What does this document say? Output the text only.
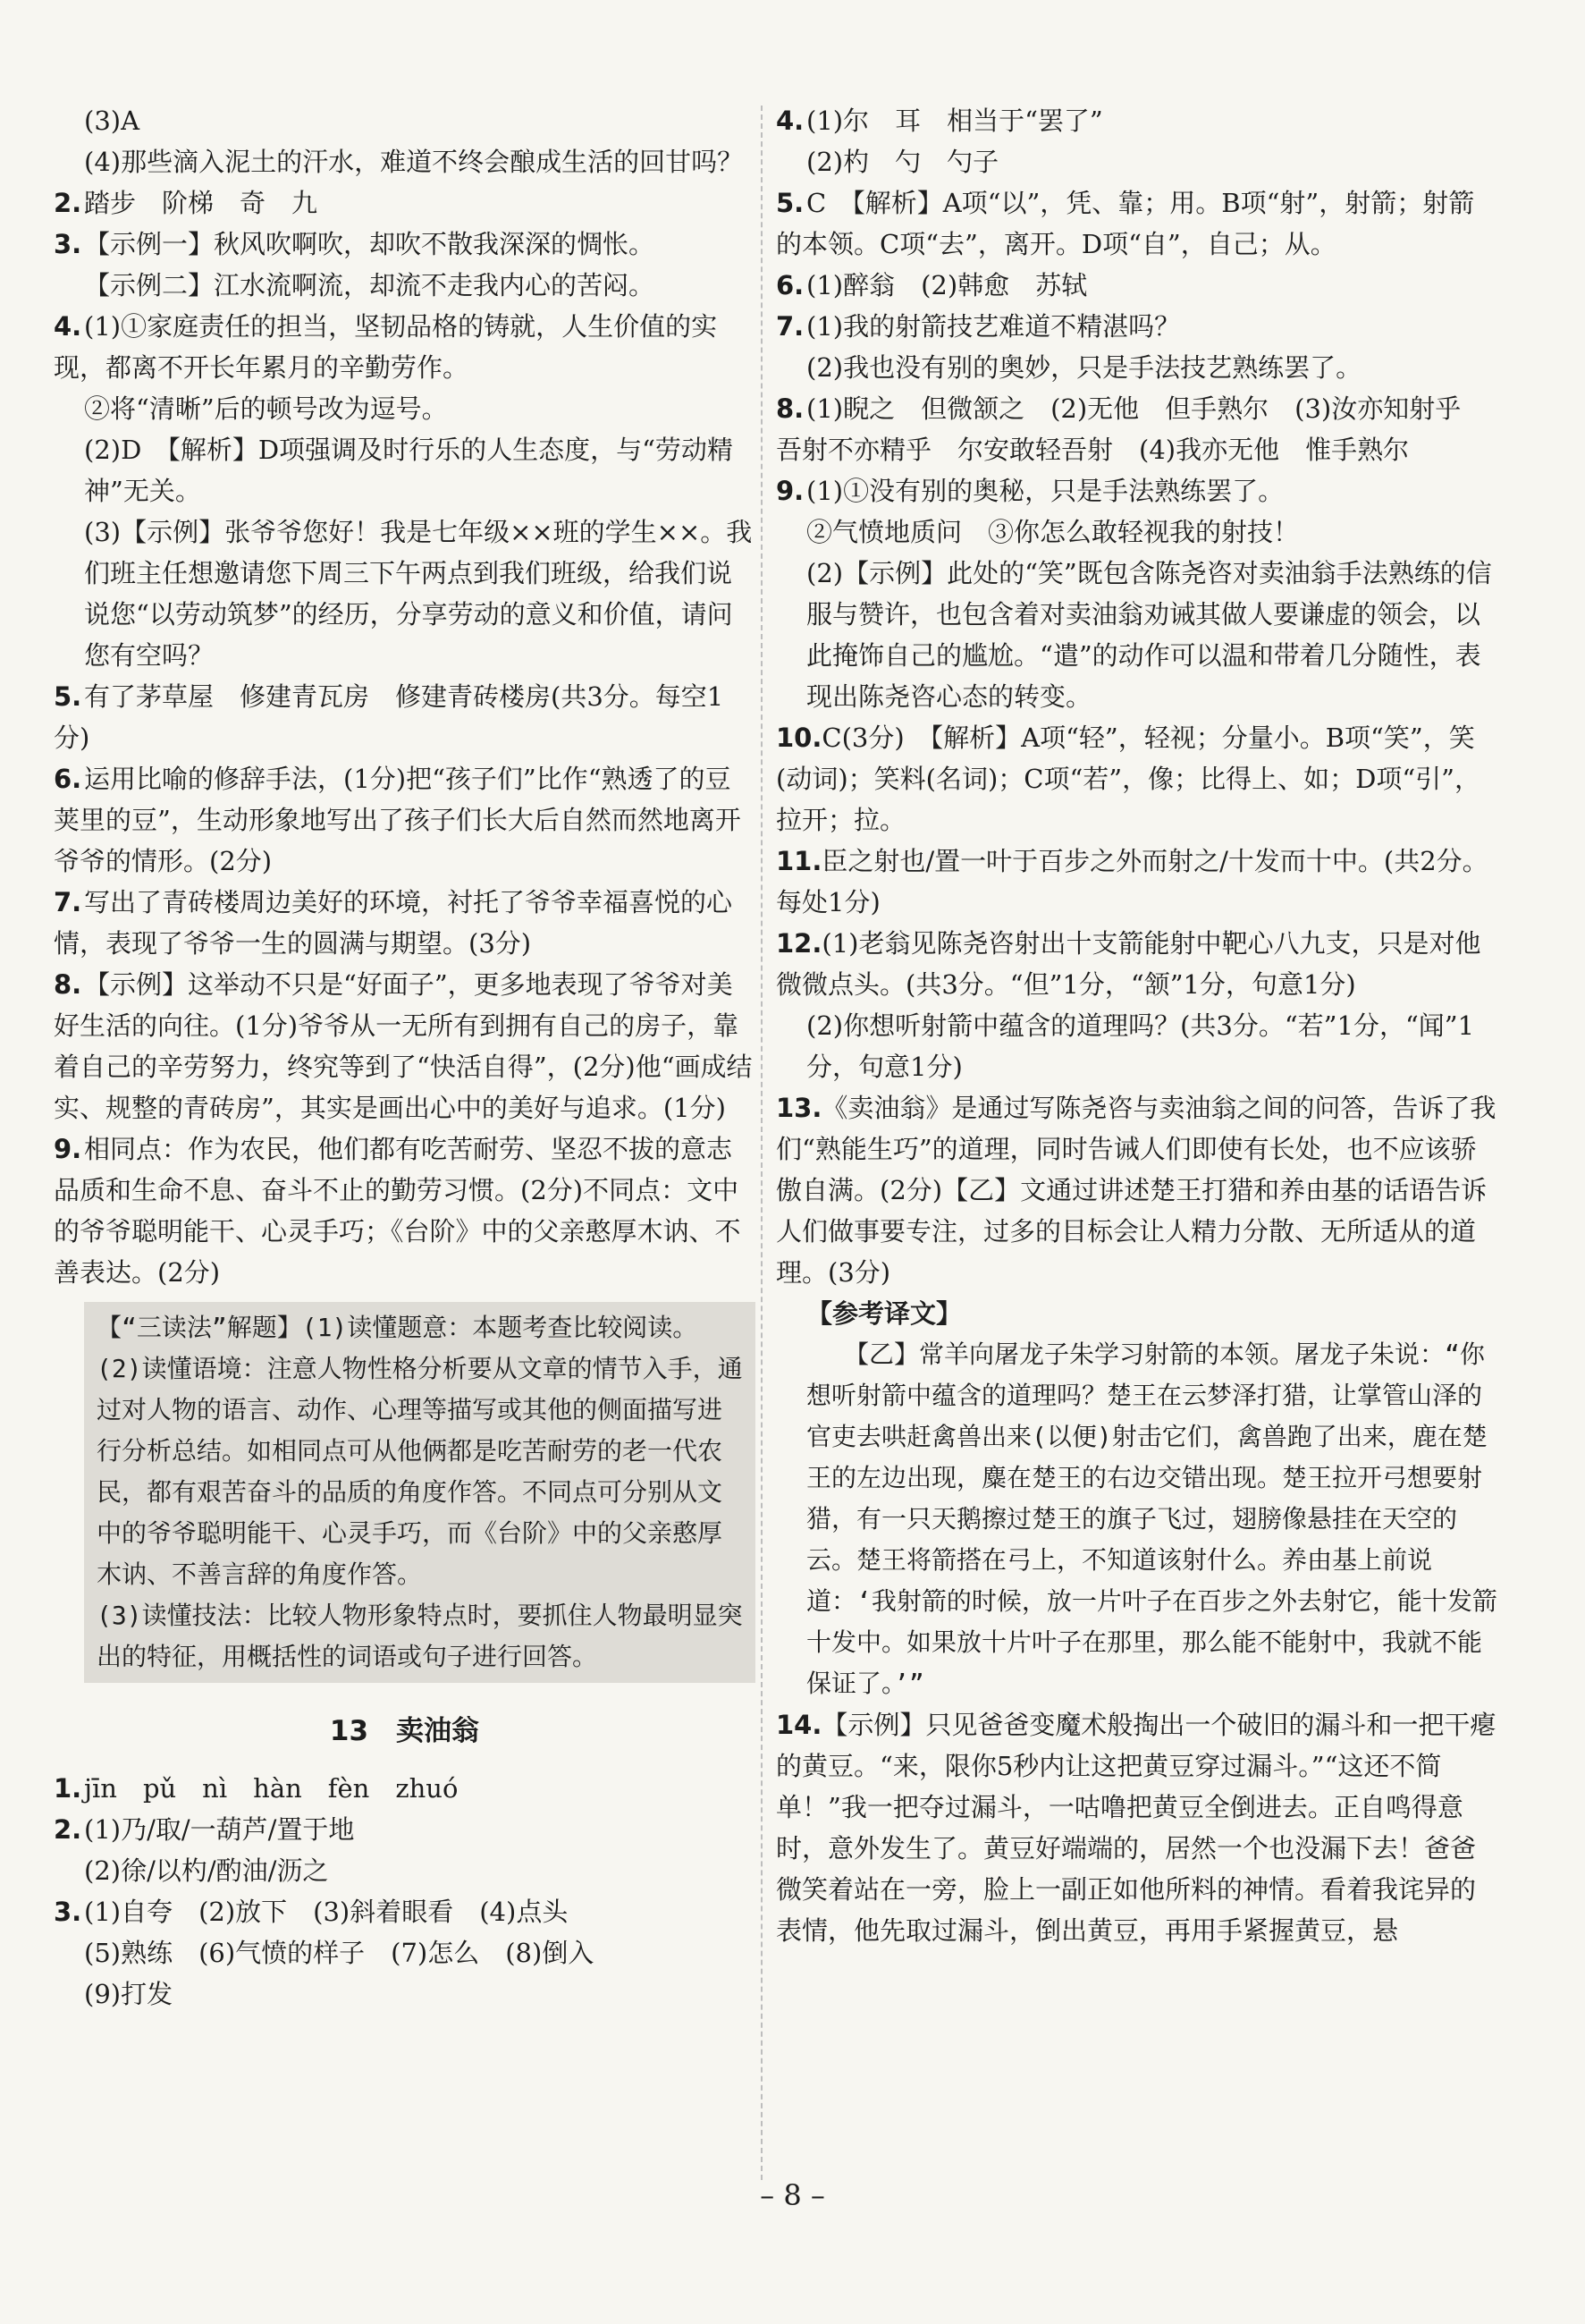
(3)A

(4)那些滴入泥土的汗水，难道不终会酿成生活的回甘吗？

2.踏步　阶梯　奇　九

3.【示例一】秋风吹啊吹，却吹不散我深深的惆怅。

【示例二】江水流啊流，却流不走我内心的苦闷。

4.(1)①家庭责任的担当，坚韧品格的铸就，人生价值的实现，都离不开长年累月的辛勤劳作。

②将“清晰”后的顿号改为逗号。

(2)D　【解析】D项强调及时行乐的人生态度，与“劳动精神”无关。

(3)【示例】张爷爷您好！我是七年级××班的学生××。我们班主任想邀请您下周三下午两点到我们班级，给我们说说您“以劳动筑梦”的经历，分享劳动的意义和价值，请问您有空吗？

5.有了茅草屋　修建青瓦房　修建青砖楼房(共3分。每空1分)

6.运用比喻的修辞手法，(1分)把“孩子们”比作“熟透了的豆荚里的豆”，生动形象地写出了孩子们长大后自然而然地离开爷爷的情形。(2分)

7.写出了青砖楼周边美好的环境，衬托了爷爷幸福喜悦的心情，表现了爷爷一生的圆满与期望。(3分)

8.【示例】这举动不只是“好面子”，更多地表现了爷爷对美好生活的向往。(1分)爷爷从一无所有到拥有自己的房子，靠着自己的辛劳努力，终究等到了“快活自得”，(2分)他“画成结实、规整的青砖房”，其实是画出心中的美好与追求。(1分)

9.相同点：作为农民，他们都有吃苦耐劳、坚忍不拔的意志品质和生命不息、奋斗不止的勤劳习惯。(2分)不同点：文中的爷爷聪明能干、心灵手巧；《台阶》中的父亲憨厚木讷、不善表达。(2分)

【“三读法”解题】(1)读懂题意：本题考查比较阅读。

(2)读懂语境：注意人物性格分析要从文章的情节入手，通过对人物的语言、动作、心理等描写或其他的侧面描写进行分析总结。如相同点可从他俩都是吃苦耐劳的老一代农民，都有艰苦奋斗的品质的角度作答。不同点可分别从文中的爷爷聪明能干、心灵手巧，而《台阶》中的父亲憨厚木讷、不善言辞的角度作答。

(3)读懂技法：比较人物形象特点时，要抓住人物最明显突出的特征，用概括性的词语或句子进行回答。

13　卖油翁

1.jīn　pǔ　nì　hàn　fèn　zhuó

2.(1)乃/取/一葫芦/置于地

(2)徐/以杓/酌油/沥之

3.(1)自夸　(2)放下　(3)斜着眼看　(4)点头

(5)熟练　(6)气愤的样子　(7)怎么　(8)倒入

(9)打发

4.(1)尔　耳　相当于“罢了”

(2)杓　勺　勺子

5.C　【解析】A项“以”，凭、靠；用。B项“射”，射箭；射箭的本领。C项“去”，离开。D项“自”，自己；从。

6.(1)醉翁　(2)韩愈　苏轼

7.(1)我的射箭技艺难道不精湛吗？

(2)我也没有别的奥妙，只是手法技艺熟练罢了。

8.(1)睨之　但微颔之　(2)无他　但手熟尔　(3)汝亦知射乎　吾射不亦精乎　尔安敢轻吾射　(4)我亦无他　惟手熟尔

9.(1)①没有别的奥秘，只是手法熟练罢了。

②气愤地质问　③你怎么敢轻视我的射技！

(2)【示例】此处的“笑”既包含陈尧咨对卖油翁手法熟练的信服与赞许，也包含着对卖油翁劝诫其做人要谦虚的领会，以此掩饰自己的尴尬。“遣”的动作可以温和带着几分随性，表现出陈尧咨心态的转变。

10.C(3分)　【解析】A项“轻”，轻视；分量小。B项“笑”，笑(动词)；笑料(名词)；C项“若”，像；比得上、如；D项“引”，拉开；拉。

11.臣之射也/置一叶于百步之外而射之/十发而十中。(共2分。每处1分)

12.(1)老翁见陈尧咨射出十支箭能射中靶心八九支，只是对他微微点头。(共3分。“但”1分，“颔”1分，句意1分)

(2)你想听射箭中蕴含的道理吗？(共3分。“若”1分，“闻”1分，句意1分)

13.《卖油翁》是通过写陈尧咨与卖油翁之间的问答，告诉了我们“熟能生巧”的道理，同时告诫人们即使有长处，也不应该骄傲自满。(2分)【乙】文通过讲述楚王打猎和养由基的话语告诉人们做事要专注，过多的目标会让人精力分散、无所适从的道理。(3分)

【参考译文】

　　【乙】常羊向屠龙子朱学习射箭的本领。屠龙子朱说：“你想听射箭中蕴含的道理吗？楚王在云梦泽打猎，让掌管山泽的官吏去哄赶禽兽出来(以便)射击它们，禽兽跑了出来，鹿在楚王的左边出现，麋在楚王的右边交错出现。楚王拉开弓想要射猎，有一只天鹅擦过楚王的旗子飞过，翅膀像悬挂在天空的云。楚王将箭搭在弓上，不知道该射什么。养由基上前说道：‘我射箭的时候，放一片叶子在百步之外去射它，能十发箭十发中。如果放十片叶子在那里，那么能不能射中，我就不能保证了。’”

14.【示例】只见爸爸变魔术般掏出一个破旧的漏斗和一把干瘪的黄豆。“来，限你5秒内让这把黄豆穿过漏斗。”“这还不简单！”我一把夺过漏斗，一咕噜把黄豆全倒进去。正自鸣得意时，意外发生了。黄豆好端端的，居然一个也没漏下去！爸爸微笑着站在一旁，脸上一副正如他所料的神情。看着我诧异的表情，他先取过漏斗，倒出黄豆，再用手紧握黄豆，悬

– 8 –
